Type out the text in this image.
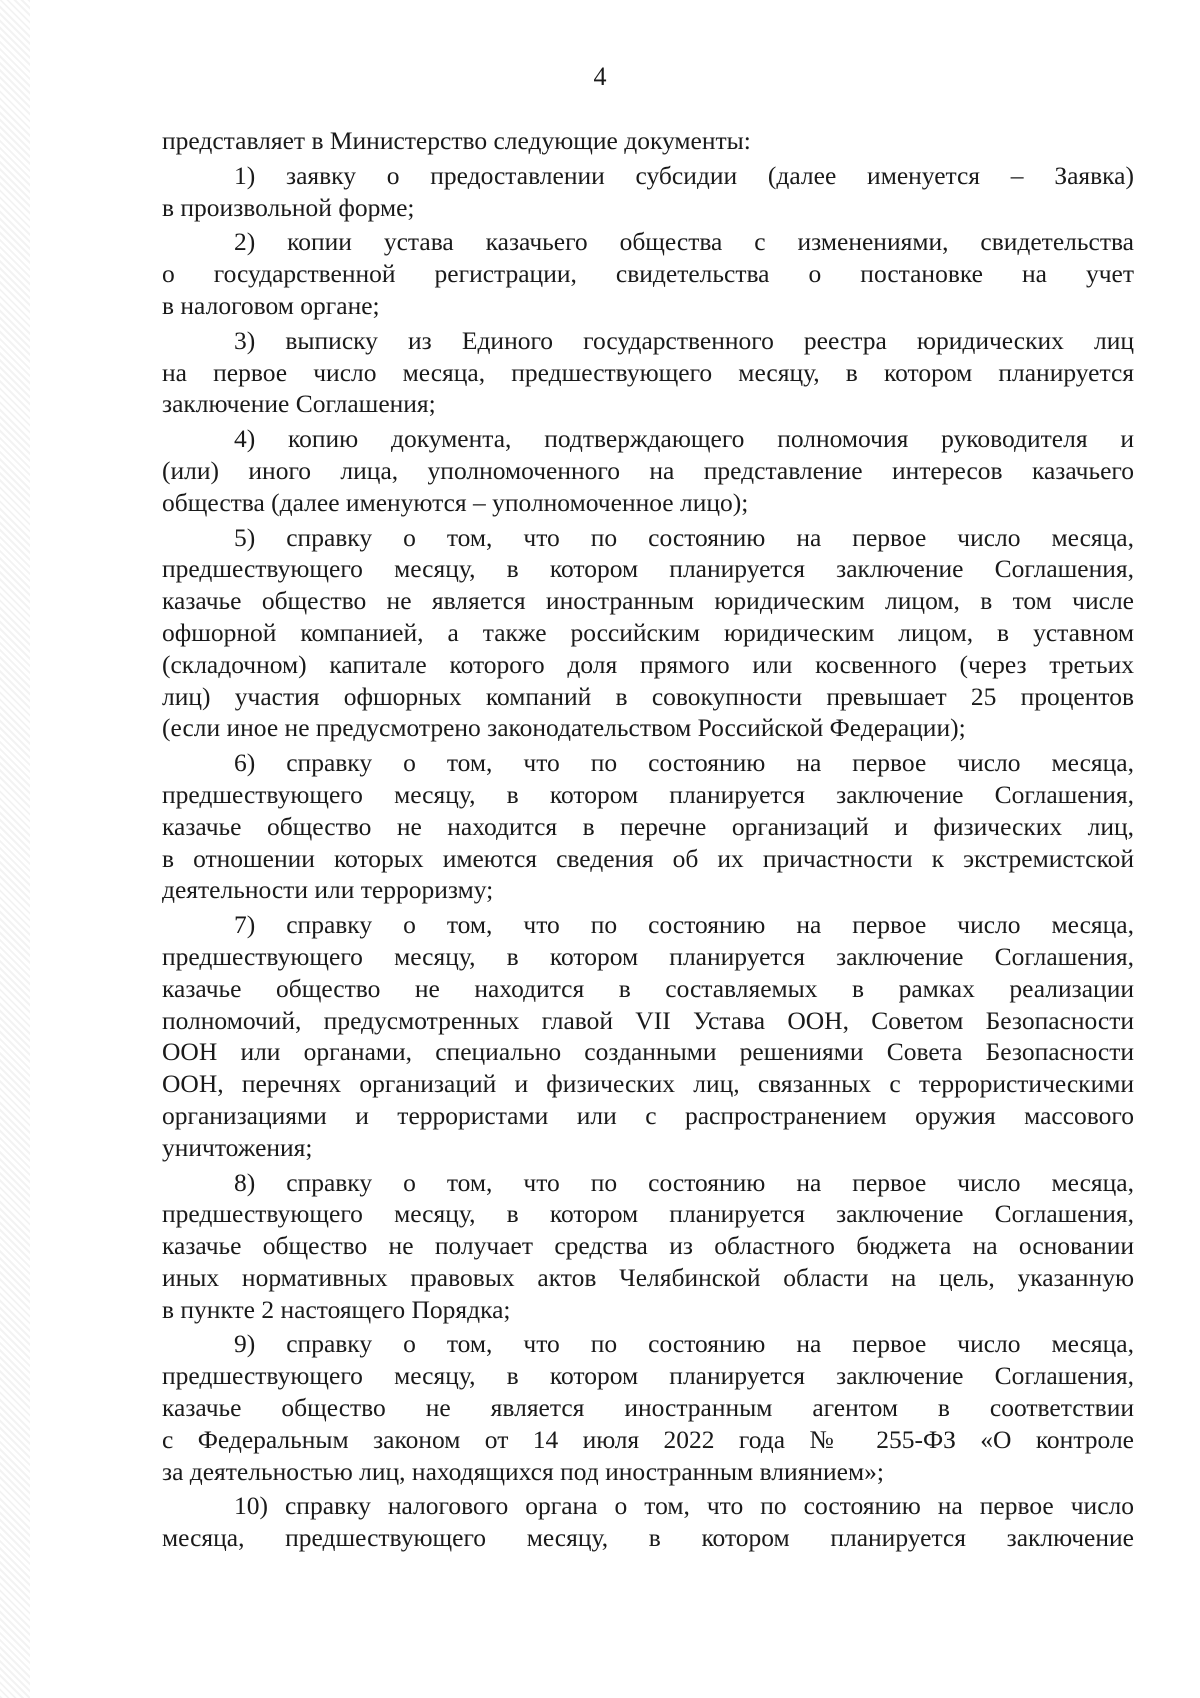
4
представляет в Министерство следующие документы:
1) заявку о предоставлении субсидии (далее именуется – Заявка)
в произвольной форме;
2) копии устава казачьего общества с изменениями, свидетельства
о государственной регистрации, свидетельства о постановке на учет
в налоговом органе;
3) выписку из Единого государственного реестра юридических лиц
на первое число месяца, предшествующего месяцу, в котором планируется
заключение Соглашения;
4) копию документа, подтверждающего полномочия руководителя и
(или) иного лица, уполномоченного на представление интересов казачьего
общества (далее именуются – уполномоченное лицо);
5) справку о том, что по состоянию на первое число месяца,
предшествующего месяцу, в котором планируется заключение Соглашения,
казачье общество не является иностранным юридическим лицом, в том числе
офшорной компанией, а также российским юридическим лицом, в уставном
(складочном) капитале которого доля прямого или косвенного (через третьих
лиц) участия офшорных компаний в совокупности превышает 25 процентов
(если иное не предусмотрено законодательством Российской Федерации);
6) справку о том, что по состоянию на первое число месяца,
предшествующего месяцу, в котором планируется заключение Соглашения,
казачье общество не находится в перечне организаций и физических лиц,
в отношении которых имеются сведения об их причастности к экстремистской
деятельности или терроризму;
7) справку о том, что по состоянию на первое число месяца,
предшествующего месяцу, в котором планируется заключение Соглашения,
казачье общество не находится в составляемых в рамках реализации
полномочий, предусмотренных главой VII Устава ООН, Советом Безопасности
ООН или органами, специально созданными решениями Совета Безопасности
ООН, перечнях организаций и физических лиц, связанных с террористическими
организациями и террористами или с распространением оружия массового
уничтожения;
8) справку о том, что по состоянию на первое число месяца,
предшествующего месяцу, в котором планируется заключение Соглашения,
казачье общество не получает средства из областного бюджета на основании
иных нормативных правовых актов Челябинской области на цель, указанную
в пункте 2 настоящего Порядка;
9) справку о том, что по состоянию на первое число месяца,
предшествующего месяцу, в котором планируется заключение Соглашения,
казачье общество не является иностранным агентом в соответствии
с Федеральным законом от 14 июля 2022 года № 255-ФЗ «О контроле
за деятельностью лиц, находящихся под иностранным влиянием»;
10) справку налогового органа о том, что по состоянию на первое число
месяца, предшествующего месяцу, в котором планируется заключение
